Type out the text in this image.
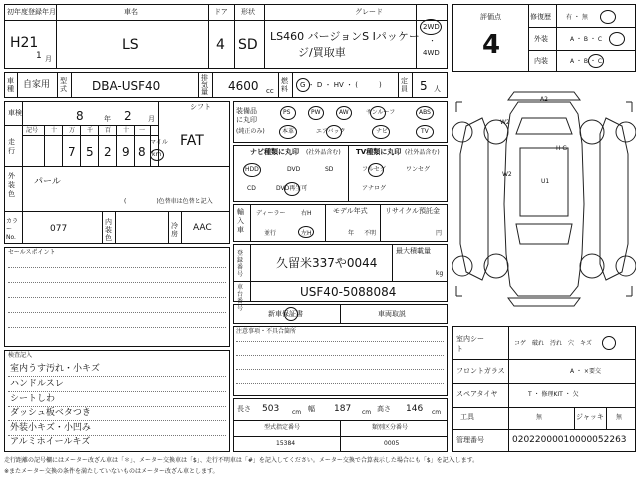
初年度登録年月
H21
1 月
車名
LS
ドア
4
形状
SD
グレード
LS460 バージョンS Iパッケー
ジ/買取車
2WD
・
4WD
車種 自家用 型式 DBA-USF40
排気量 4600 cc
燃料 G ・ D ・ HV ・ (　　　)	定員 5 人
車検	8	年 2 月
シフト
FAT
走行
記号 十 万 千 百 十 一
7 5 2 9 8
マイル
km
外装色
パール
(　　　　　)色替車は色替と記入
カラーNo.
077
内装色
冷房
AAC
セールスポイント
検査記入
室内うす汚れ・小キズ
ハンドルスレ
シートしわ
ダッシュ板ベタつき
外装小キズ・小凹み
アルミホイールキズ
装備品に丸印
(純正のみ)
PS	PW	AW	サンルーフ	ABS
本革	エアバック	ナビ	TV
ナビ種類に丸印 (社外品含む)
HDD	DVD	SD
CD	DVD再生可
TV種類に丸印 (社外品含む)
フルセグ	ワンセグ
アナログ
輸入車
ディーラー
並行
右H
左H
モデル年式
年 不明
リサイクル預託金
円
登録番号
久留米337や0044
最大積載量
kg
車台番号
USF40-5088084
新車保証書	車両取説
注意事項・不具合箇所
長さ 503 cm 幅 187 cm 高さ 146 cm
型式指定番号
15384
類別区分番号
0005
評価点
4
修復歴	有 ・ 無
外装	A ・ B ・ C
内装	A ・ B ・ C
A2
W2
W2
H G
U1
室内シート
コゲ　破れ　汚れ　穴　キズ
フロントガラス	A ・ ×要交
スペアタイヤ	T ・ 修理KIT ・ 欠
工具	無	ジャッキ 無
管理番号	02022000010000052263
走行距離の記号欄にはメーター改ざん車は「＊」、メーター交換車は「$」、走行不明車は「#」を記入してください。メーター交換で合算表示した場合にも「$」を記入します。
※またメーター交換の条件を満たしていないものはメーター改ざん車とします。
